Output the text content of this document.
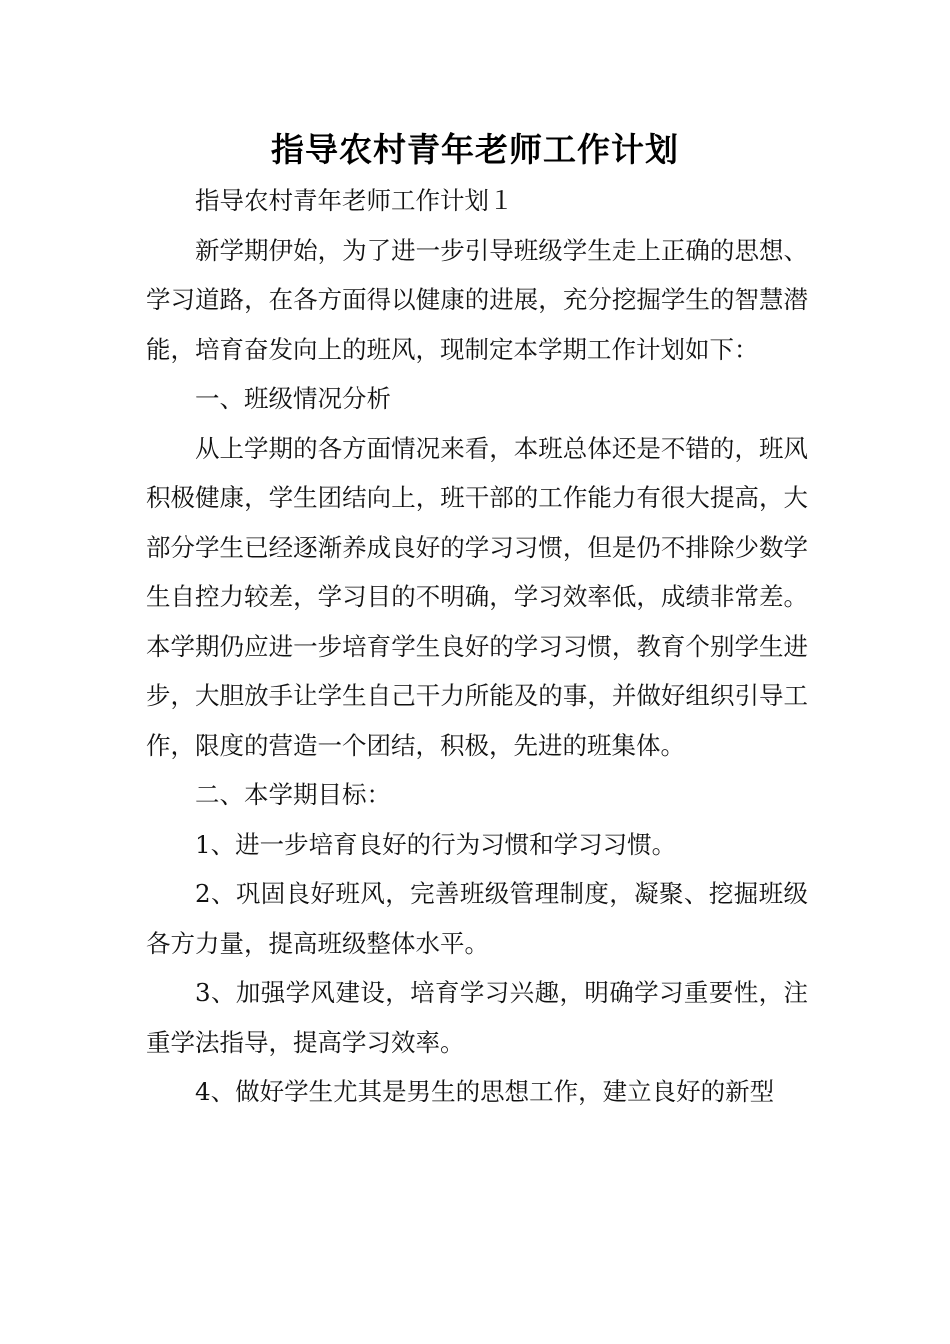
指导农村青年老师工作计划

指导农村青年老师工作计划１

新学期伊始，为了进一步引导班级学生走上正确的思想、学习道路，在各方面得以健康的进展，充分挖掘学生的智慧潜能，培育奋发向上的班风，现制定本学期工作计划如下：

一、班级情况分析

从上学期的各方面情况来看，本班总体还是不错的，班风积极健康，学生团结向上，班干部的工作能力有很大提高，大部分学生已经逐渐养成良好的学习习惯，但是仍不排除少数学生自控力较差，学习目的不明确，学习效率低，成绩非常差。本学期仍应进一步培育学生良好的学习习惯，教育个别学生进步，大胆放手让学生自己干力所能及的事，并做好组织引导工作，限度的营造一个团结，积极，先进的班集体。

二、本学期目标：

1、进一步培育良好的行为习惯和学习习惯。

2、巩固良好班风，完善班级管理制度，凝聚、挖掘班级各方力量，提高班级整体水平。

3、加强学风建设，培育学习兴趣，明确学习重要性，注重学法指导，提高学习效率。

4、做好学生尤其是男生的思想工作，建立良好的新型
